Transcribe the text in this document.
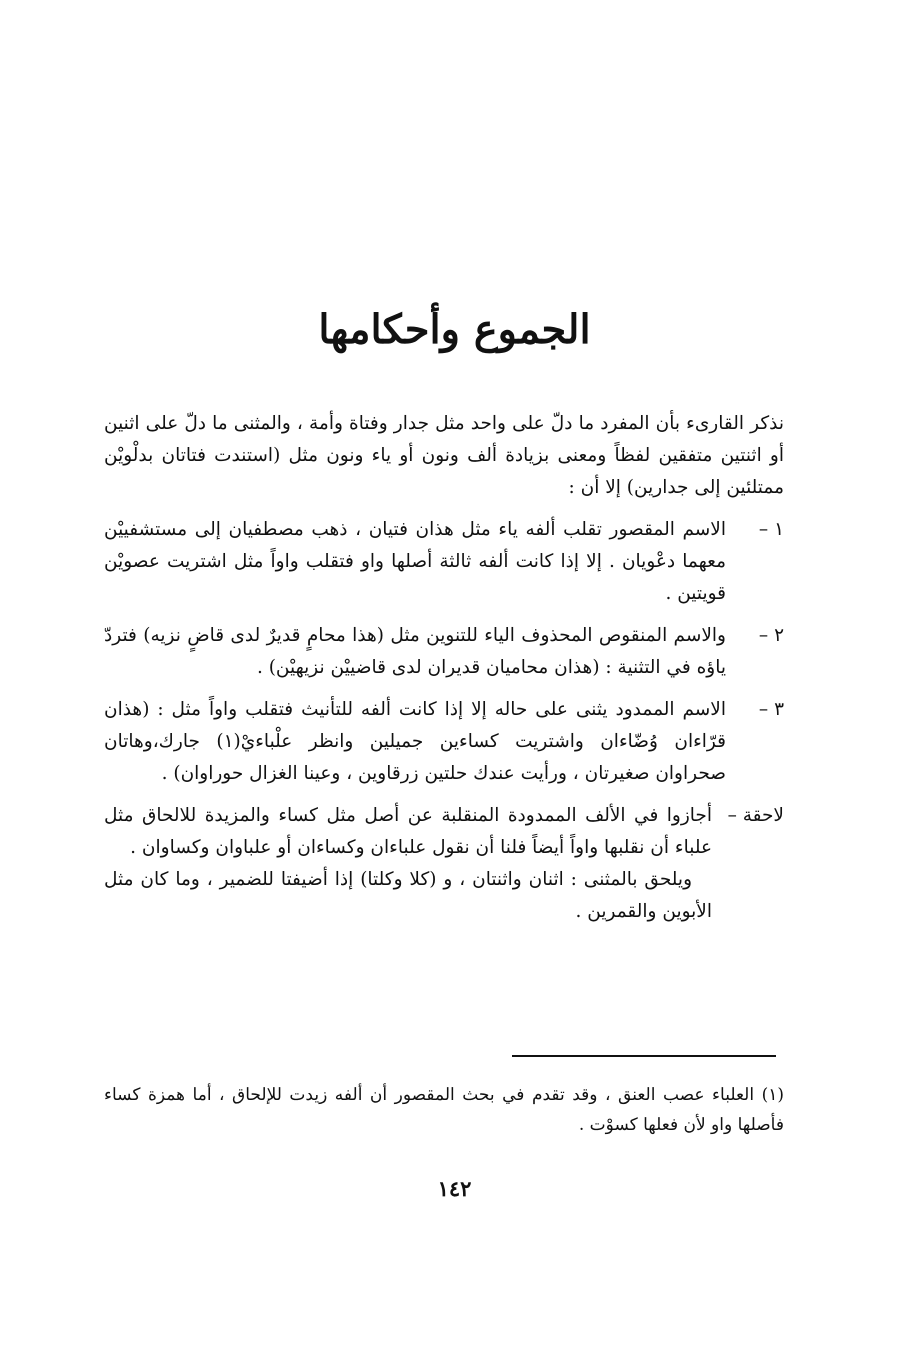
الجموع وأحكامها

نذكر القارىء بأن المفرد ما دلّ على واحد مثل جدار وفتاة وأمة ، والمثنى ما دلّ على اثنين أو اثنتين متفقين لفظاً ومعنى بزيادة ألف ونون أو ياء ونون مثل (استندت فتاتان بدلْويْن ممتلئين إلى جدارين) إلا أن :

١ –

الاسم المقصور تقلب ألفه ياء مثل هذان فتيان ، ذهب مصطفيان إلى مستشفييْن معهما دعْويان . إلا إذا كانت ألفه ثالثة أصلها واو فتقلب واواً مثل اشتريت عصويْن قويتين .

٢ –

والاسم المنقوص المحذوف الياء للتنوين مثل (هذا محامٍ قديرٌ لدى قاضٍ نزيه) فتردّ ياؤه في التثنية : (هذان محاميان قديران لدى قاضييْن نزيهيْن) .

٣ –

الاسم الممدود يثنى على حاله إلا إذا كانت ألفه للتأنيث فتقلب واواً مثل : (هذان قرّاءان وُضّاءان واشتريت كساءين جميلين وانظر علْباءيْ(١) جارك،وهاتان صحراوان صغيرتان ، ورأيت عندك حلتين زرقاوين ، وعينا الغزال حوراوان) .

لاحقة –

أجازوا في الألف الممدودة المنقلبة عن أصل مثل كساء والمزيدة للالحاق مثل علباء أن نقلبها واواً أيضاً فلنا أن نقول علباءان وكساءان أو علباوان وكساوان .

ويلحق بالمثنى : اثنان واثنتان ، و (كلا وكلتا) إذا أضيفتا للضمير ، وما كان مثل الأبوين والقمرين .

(١) العلباء عصب العنق ، وقد تقدم في بحث المقصور أن ألفه زيدت للإلحاق ، أما همزة كساء فأصلها واو لأن فعلها كسوْت .

١٤٢
